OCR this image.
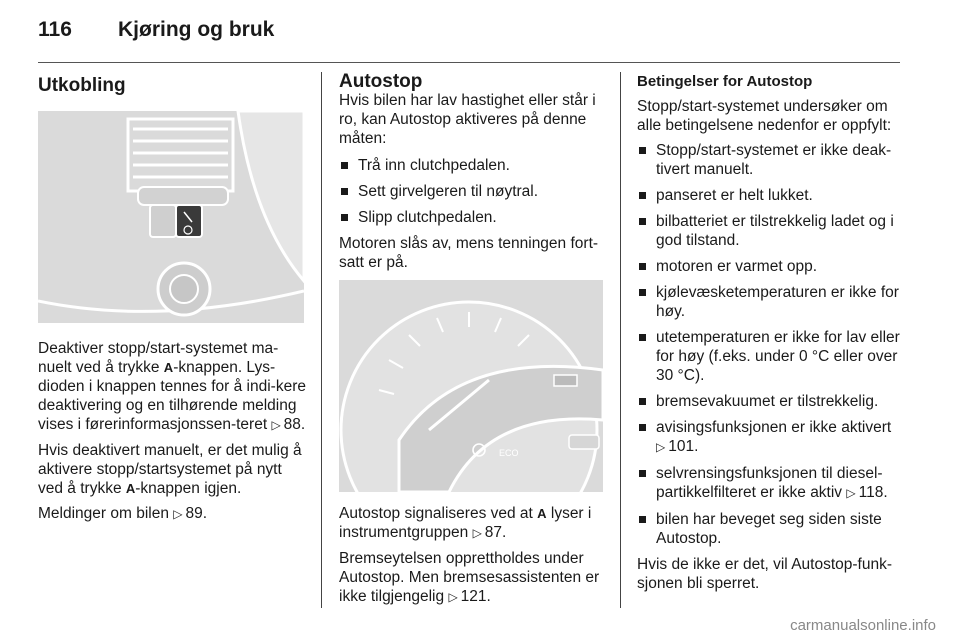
116 Kjøring og bruk
Utkobling

Deaktiver stopp/start-systemet ma-nuelt ved å trykke A-knappen. Lys-dioden i knappen tennes for å indi-kere deaktivering og en tilhørende melding vises i førerinformasjonssen-teret ▷ 88.

Hvis deaktivert manuelt, er det mulig å aktivere stopp/startsystemet på nytt ved å trykke A-knappen igjen.

Meldinger om bilen ▷ 89.

Autostop

Hvis bilen har lav hastighet eller står i ro, kan Autostop aktiveres på denne måten:

Trå inn clutchpedalen.
Sett girvelgeren til nøytral.
Slipp clutchpedalen.

Motoren slås av, mens tenningen fort-satt er på.

ECO

Autostop signaliseres ved at A lyser i instrumentgruppen ▷ 87.

Bremseytelsen opprettholdes under Autostop. Men bremsesassistenten er ikke tilgjengelig ▷ 121.

Betingelser for Autostop

Stopp/start-systemet undersøker om alle betingelsene nedenfor er oppfylt:

Stopp/start-systemet er ikke deak-tivert manuelt.
panseret er helt lukket.
bilbatteriet er tilstrekkelig ladet og i god tilstand.
motoren er varmet opp.
kjølevæsketemperaturen er ikke for høy.
utetemperaturen er ikke for lav eller for høy (f.eks. under 0 °C eller over 30 °C).
bremsevakuumet er tilstrekkelig.
avisingsfunksjonen er ikke aktivert ▷ 101.
selvrensingsfunksjonen til diesel-partikkelfilteret er ikke aktiv ▷ 118.
bilen har beveget seg siden siste Autostop.

Hvis de ikke er det, vil Autostop-funk-sjonen bli sperret.

carmanualsonline.info
